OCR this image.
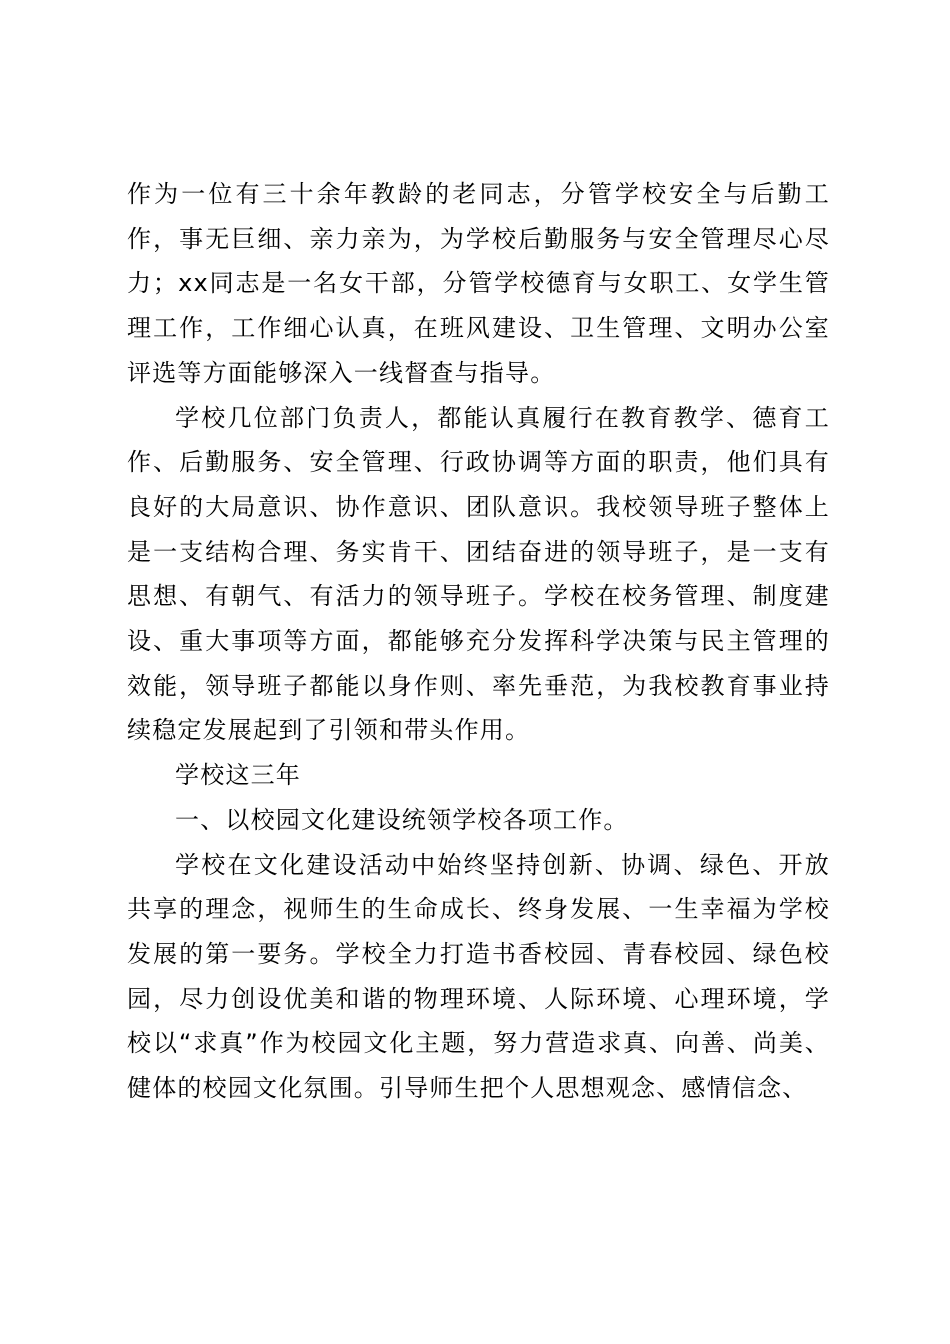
作为一位有三十余年教龄的老同志，分管学校安全与后勤工作，事无巨细、亲力亲为，为学校后勤服务与安全管理尽心尽力；xx同志是一名女干部，分管学校德育与女职工、女学生管理工作，工作细心认真，在班风建设、卫生管理、文明办公室评选等方面能够深入一线督查与指导。

学校几位部门负责人，都能认真履行在教育教学、德育工作、后勤服务、安全管理、行政协调等方面的职责，他们具有良好的大局意识、协作意识、团队意识。我校领导班子整体上是一支结构合理、务实肯干、团结奋进的领导班子，是一支有思想、有朝气、有活力的领导班子。学校在校务管理、制度建设、重大事项等方面，都能够充分发挥科学决策与民主管理的效能，领导班子都能以身作则、率先垂范，为我校教育事业持续稳定发展起到了引领和带头作用。

学校这三年

一、以校园文化建设统领学校各项工作。

学校在文化建设活动中始终坚持创新、协调、绿色、开放共享的理念，视师生的生命成长、终身发展、一生幸福为学校发展的第一要务。学校全力打造书香校园、青春校园、绿色校园，尽力创设优美和谐的物理环境、人际环境、心理环境，学校以“求真”作为校园文化主题，努力营造求真、向善、尚美、健体的校园文化氛围。引导师生把个人思想观念、感情信念、
